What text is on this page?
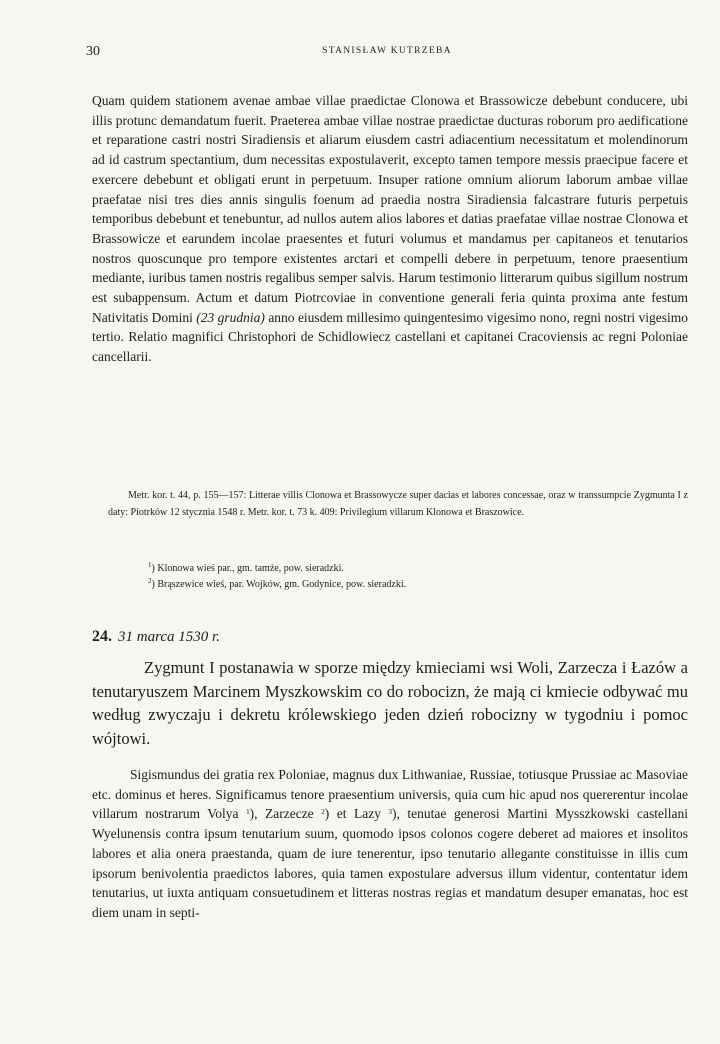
30	STANISŁAW KUTRZEBA

Quam quidem stationem avenae ambae villae praedictae Clonowa et Brassowicze debebunt conducere, ubi illis protunc demandatum fuerit. Praeterea ambae villae nostrae praedictae ducturas roborum pro aedificatione et reparatione castri nostri Siradiensis et aliarum eiusdem castri adiacentium necessitatum et molendinorum ad id castrum spectantium, dum necessitas expostulaverit, excepto tamen tempore messis praecipue facere et exercere debebunt et obligati erunt in perpetuum. Insuper ratione omnium aliorum laborum ambae villae praefatae nisi tres dies annis singulis foenum ad praedia nostra Siradiensia falcastrare futuris perpetuis temporibus debebunt et tenebuntur, ad nullos autem alios labores et datias praefatae villae nostrae Clonowa et Brassowicze et earundem incolae praesentes et futuri volumus et mandamus per capitaneos et tenutarios nostros quoscunque pro tempore existentes arctari et compelli debere in perpetuum, tenore praesentium mediante, iuribus tamen nostris regalibus semper salvis. Harum testimonio litterarum quibus sigillum nostrum est subappensum. Actum et datum Piotrcoviae in conventione generali feria quinta proxima ante festum Nativitatis Domini (23 grudnia) anno eiusdem millesimo quingentesimo vigesimo nono, regni nostri vigesimo tertio. Relatio magnifici Christophori de Schidlowiecz castellani et capitanei Cracoviensis ac regni Poloniae cancellarii.

Metr. kor. t. 44, p. 155—157: Litterae villis Clonowa et Brassowycze super dacias et labores concessae, oraz w transsumpcie Zygmunta I z daty: Piotrków 12 stycznia 1548 r. Metr. kor. t. 73 k. 409: Privilegium villarum Klonowa et Braszowice.

$^1$) Klonowa wieś par., gm. tamże, pow. sieradzki.

$^2$) Brąszewice wieś, par. Wojków, gm. Godynice, pow. sieradzki.

24. 31 marca 1530 r.

Zygmunt I postanawia w sporze między kmieciami wsi Woli, Zarzecza i Łazów a tenutaryuszem Marcinem Myszkowskim co do robocizn, że mają ci kmiecie odbywać mu według zwyczaju i dekretu królewskiego jeden dzień robocizny w tygodniu i pomoc wójtowi.

Sigismundus dei gratia rex Poloniae, magnus dux Lithwaniae, Russiae, totiusque Prussiae ac Masoviae etc. dominus et heres. Significamus tenore praesentium universis, quia cum hic apud nos quererentur incolae villarum nostrarum Volya $^1$), Zarzecze $^2$) et Lazy $^3$), tenutae generosi Martini Mysszkowski castellani Wyelunensis contra ipsum tenutarium suum, quomodo ipsos colonos cogere deberet ad maiores et insolitos labores et alia onera praestanda, quam de iure tenerentur, ipso tenutario allegante constituisse in illis cum ipsorum benivolentia praedictos labores, quia tamen expostulare adversus illum videntur, contentatur idem tenutarius, ut iuxta antiquam consuetudinem et litteras nostras regias et mandatum desuper emanatas, hoc est diem unam in septi-
